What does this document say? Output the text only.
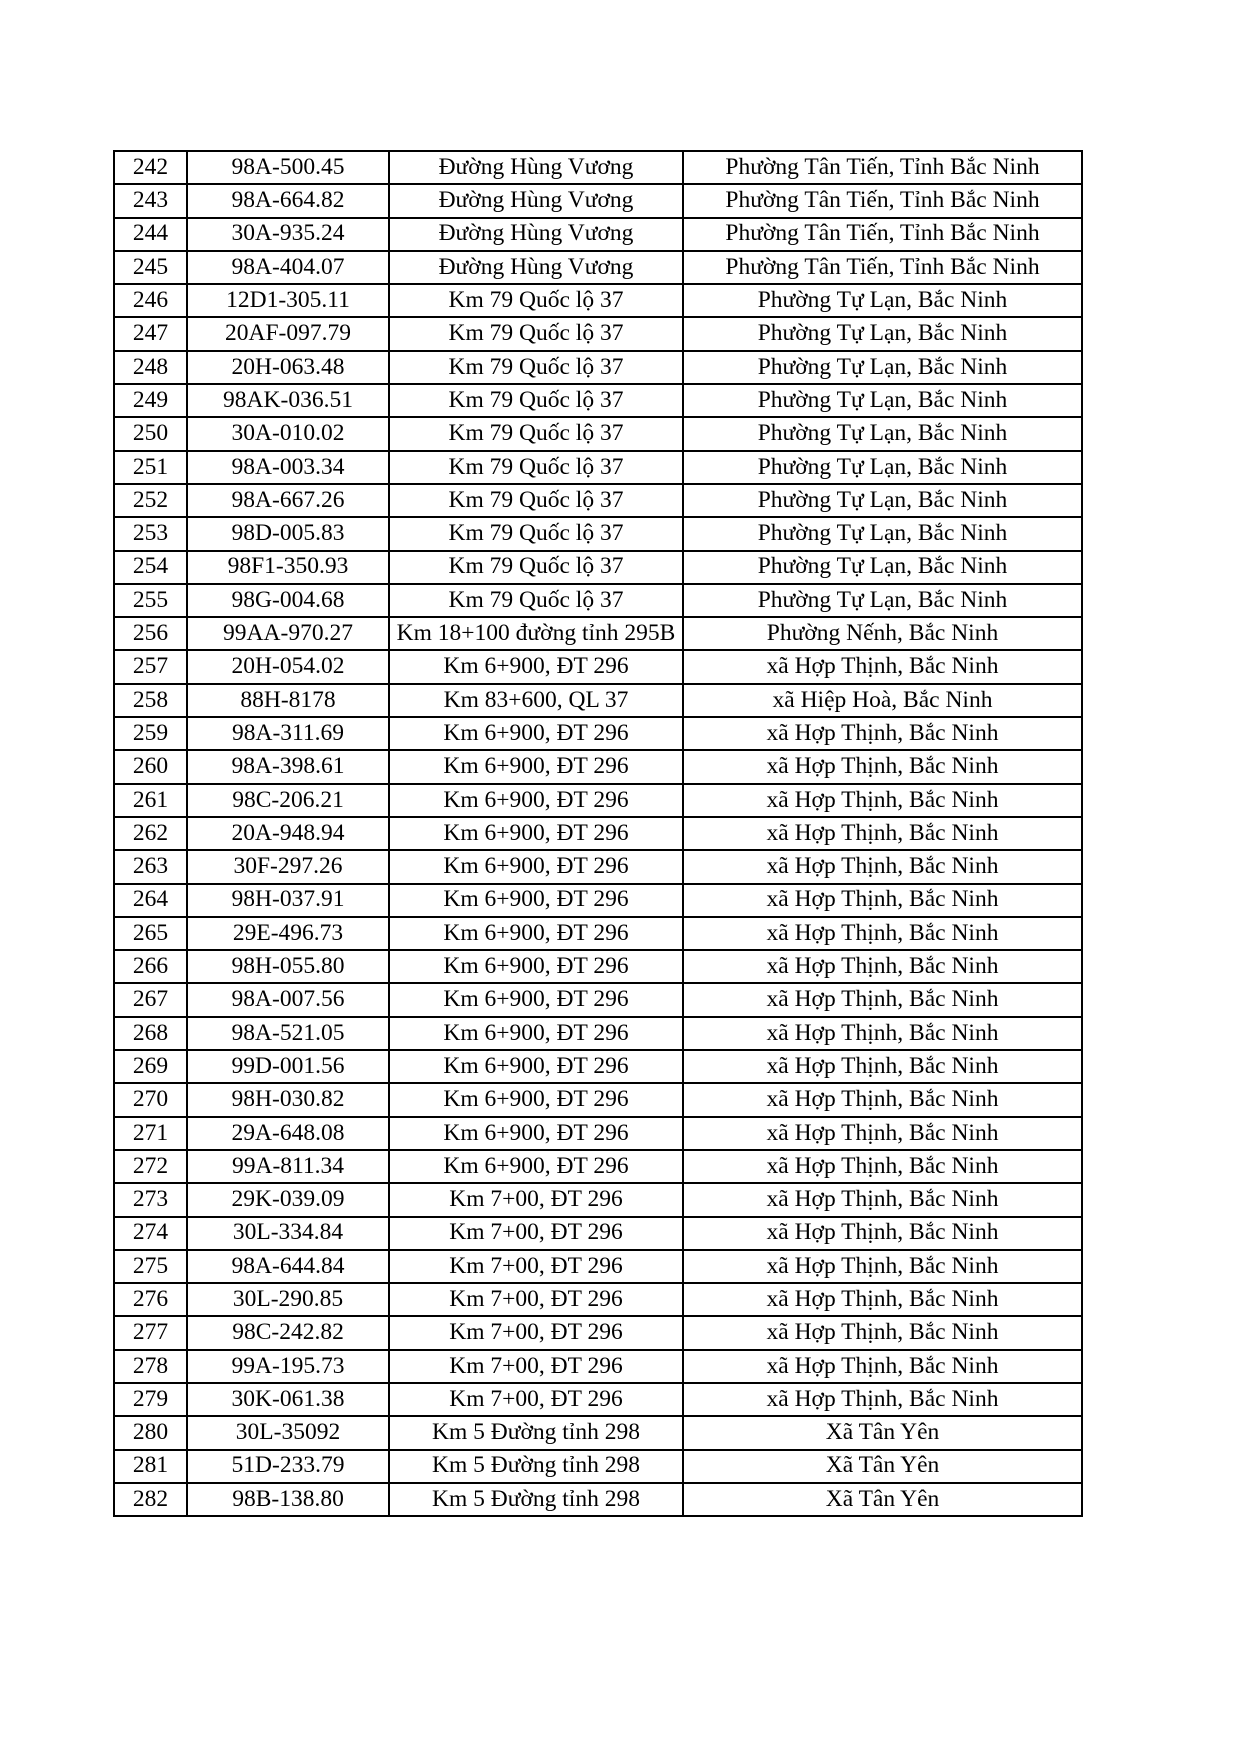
242	98A-500.45	Đường Hùng Vương	Phường Tân Tiến, Tỉnh Bắc Ninh
243	98A-664.82	Đường Hùng Vương	Phường Tân Tiến, Tỉnh Bắc Ninh
244	30A-935.24	Đường Hùng Vương	Phường Tân Tiến, Tỉnh Bắc Ninh
245	98A-404.07	Đường Hùng Vương	Phường Tân Tiến, Tỉnh Bắc Ninh
246	12D1-305.11	Km 79 Quốc lộ 37	Phường Tự Lạn, Bắc Ninh
247	20AF-097.79	Km 79 Quốc lộ 37	Phường Tự Lạn, Bắc Ninh
248	20H-063.48	Km 79 Quốc lộ 37	Phường Tự Lạn, Bắc Ninh
249	98AK-036.51	Km 79 Quốc lộ 37	Phường Tự Lạn, Bắc Ninh
250	30A-010.02	Km 79 Quốc lộ 37	Phường Tự Lạn, Bắc Ninh
251	98A-003.34	Km 79 Quốc lộ 37	Phường Tự Lạn, Bắc Ninh
252	98A-667.26	Km 79 Quốc lộ 37	Phường Tự Lạn, Bắc Ninh
253	98D-005.83	Km 79 Quốc lộ 37	Phường Tự Lạn, Bắc Ninh
254	98F1-350.93	Km 79 Quốc lộ 37	Phường Tự Lạn, Bắc Ninh
255	98G-004.68	Km 79 Quốc lộ 37	Phường Tự Lạn, Bắc Ninh
256	99AA-970.27	Km 18+100 đường tỉnh 295B	Phường Nếnh, Bắc Ninh
257	20H-054.02	Km 6+900, ĐT 296	xã Hợp Thịnh, Bắc Ninh
258	88H-8178	Km 83+600, QL 37	xã Hiệp Hoà, Bắc Ninh
259	98A-311.69	Km 6+900, ĐT 296	xã Hợp Thịnh, Bắc Ninh
260	98A-398.61	Km 6+900, ĐT 296	xã Hợp Thịnh, Bắc Ninh
261	98C-206.21	Km 6+900, ĐT 296	xã Hợp Thịnh, Bắc Ninh
262	20A-948.94	Km 6+900, ĐT 296	xã Hợp Thịnh, Bắc Ninh
263	30F-297.26	Km 6+900, ĐT 296	xã Hợp Thịnh, Bắc Ninh
264	98H-037.91	Km 6+900, ĐT 296	xã Hợp Thịnh, Bắc Ninh
265	29E-496.73	Km 6+900, ĐT 296	xã Hợp Thịnh, Bắc Ninh
266	98H-055.80	Km 6+900, ĐT 296	xã Hợp Thịnh, Bắc Ninh
267	98A-007.56	Km 6+900, ĐT 296	xã Hợp Thịnh, Bắc Ninh
268	98A-521.05	Km 6+900, ĐT 296	xã Hợp Thịnh, Bắc Ninh
269	99D-001.56	Km 6+900, ĐT 296	xã Hợp Thịnh, Bắc Ninh
270	98H-030.82	Km 6+900, ĐT 296	xã Hợp Thịnh, Bắc Ninh
271	29A-648.08	Km 6+900, ĐT 296	xã Hợp Thịnh, Bắc Ninh
272	99A-811.34	Km 6+900, ĐT 296	xã Hợp Thịnh, Bắc Ninh
273	29K-039.09	Km 7+00, ĐT 296	xã Hợp Thịnh, Bắc Ninh
274	30L-334.84	Km 7+00, ĐT 296	xã Hợp Thịnh, Bắc Ninh
275	98A-644.84	Km 7+00, ĐT 296	xã Hợp Thịnh, Bắc Ninh
276	30L-290.85	Km 7+00, ĐT 296	xã Hợp Thịnh, Bắc Ninh
277	98C-242.82	Km 7+00, ĐT 296	xã Hợp Thịnh, Bắc Ninh
278	99A-195.73	Km 7+00, ĐT 296	xã Hợp Thịnh, Bắc Ninh
279	30K-061.38	Km 7+00, ĐT 296	xã Hợp Thịnh, Bắc Ninh
280	30L-35092	Km 5 Đường tỉnh 298	Xã Tân Yên
281	51D-233.79	Km 5 Đường tỉnh 298	Xã Tân Yên
282	98B-138.80	Km 5 Đường tỉnh 298	Xã Tân Yên
